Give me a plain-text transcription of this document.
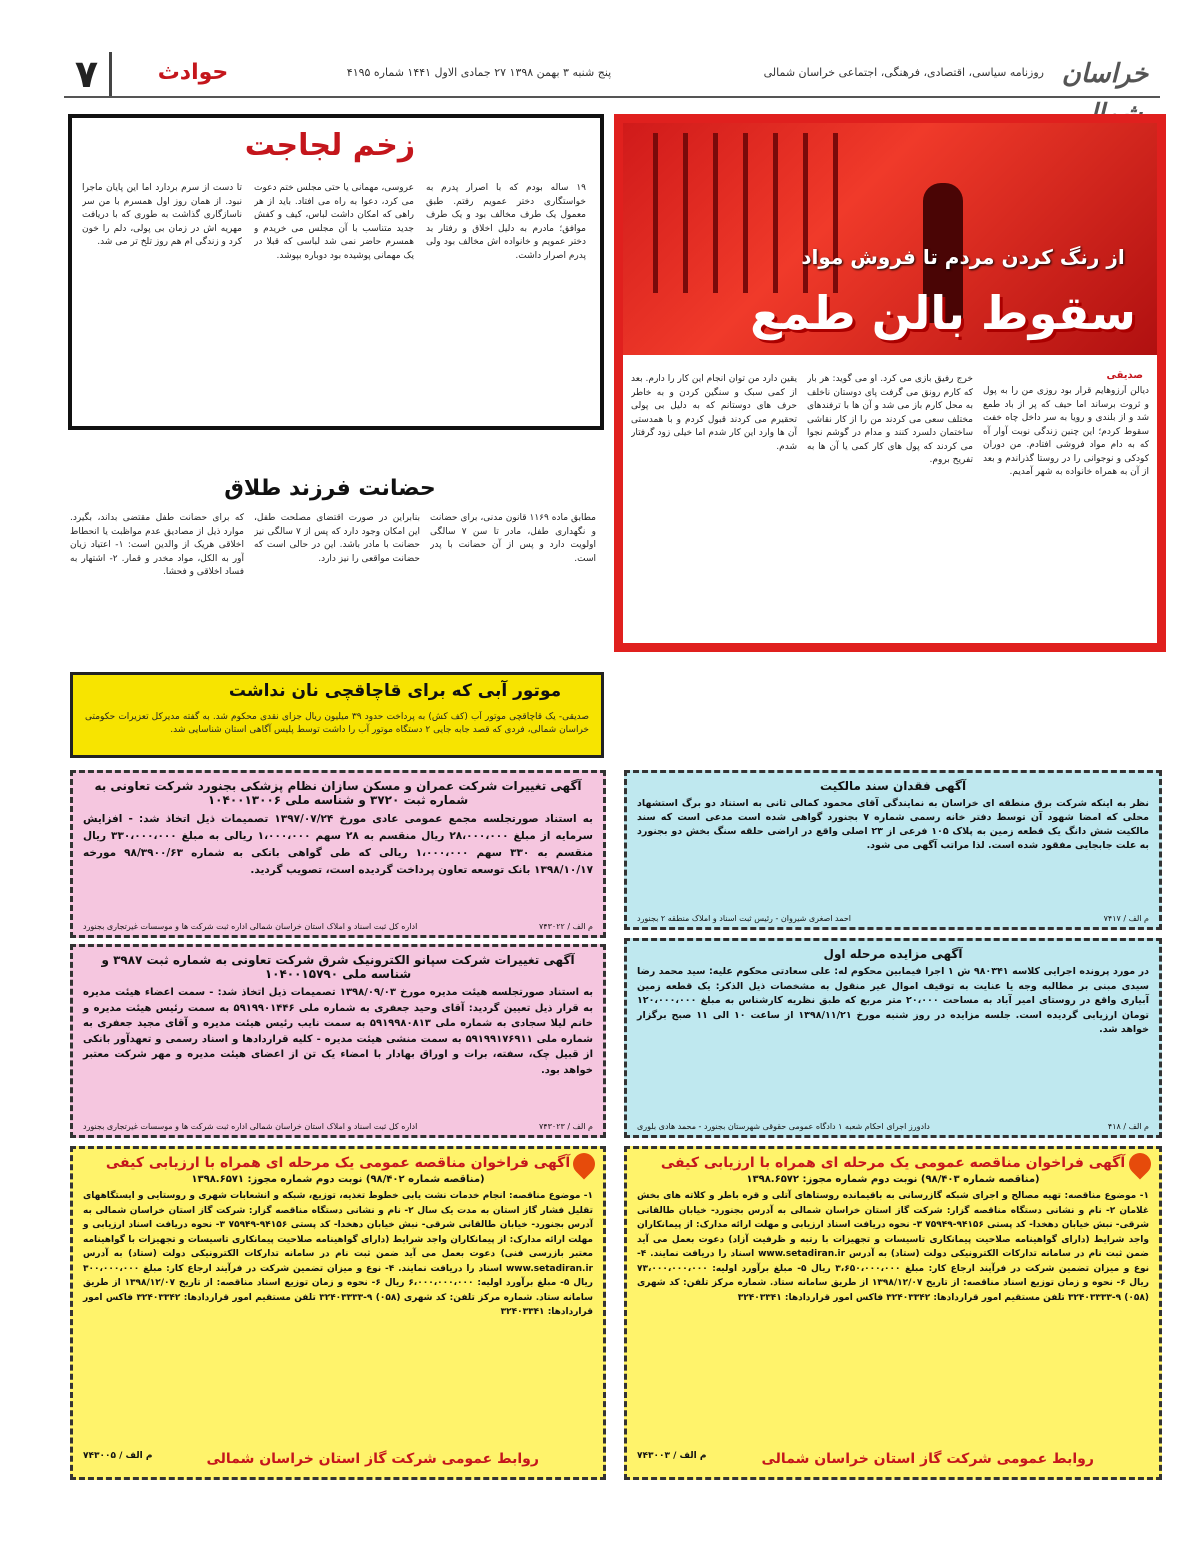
۷	حوادث	پنج شنبه ۳ بهمن ۱۳۹۸ ۲۷ جمادی الاول ۱۴۴۱ شماره ۴۱۹۵	روزنامه سیاسی، اقتصادی، فرهنگی، اجتماعی خراسان شمالی خراسان
از رنگ کردن مردم تا فروش مواد
سقوط بالن طمع
صدیقی
دیالن آرزوهایم قرار بود روزی من را به پول و ثروت برساند اما حیف که پر از باد طمع شد و از بلندی و رویا به سر داخل چاه خفت سقوط کردم؛ این چنین زندگی نوبت آوار آه که به دام مواد فروشی افتادم. من دوران کودکی و نوجوانی را در روستا گذراندم و بعد از آن به همراه خانواده به شهر آمدیم.
خرج رفیق بازی می کرد. او می گوید: هر بار که کارم رونق می گرفت پای دوستان ناخلف به محل کارم باز می شد و آن ها با ترفندهای مختلف سعی می کردند من را از کار نقاشی ساختمان دلسرد کنند و مدام در گوشم نجوا می کردند که پول های کار کمی یا آن ها به تفریح بروم.
یقین دارد من توان انجام این کار را دارم. بعد از کمی سبک و سنگین کردن و به خاطر حرف های دوستانم که به دلیل بی پولی تحقیرم می کردند قبول کردم و با همدستی آن ها وارد این کار شدم اما خیلی زود گرفتار شدم.
زخم لجاجت
۱۹ ساله بودم که با اصرار پدرم به خواستگاری دختر عمویم رفتم. طبق معمول یک طرف مخالف بود و یک طرف موافق؛ مادرم به دلیل اخلاق و رفتار بد دختر عمویم و خانواده اش مخالف بود ولی پدرم اصرار داشت.
عروسی، مهمانی یا حتی مجلس ختم دعوت می کرد، دعوا به راه می افتاد. باید از هر راهی که امکان داشت لباس، کیف و کفش جدید متناسب با آن مجلس می خریدم و همسرم حاضر نمی شد لباسی که قبلا در یک مهمانی پوشیده بود دوباره بپوشد.
تا دست از سرم بردارد اما این پایان ماجرا نبود. از همان روز اول همسرم با من سر ناسازگاری گذاشت به طوری که با دریافت مهریه اش در زمان بی پولی، دلم را خون کرد و زندگی ام هم روز تلخ تر می شد.
حضانت فرزند طلاق
مطابق ماده ۱۱۶۹ قانون مدنی، برای حضانت و نگهداری طفل، مادر تا سن ۷ سالگی اولویت دارد و پس از آن حضانت با پدر است.
بنابراین در صورت اقتضای مصلحت طفل، این امکان وجود دارد که پس از ۷ سالگی نیز حضانت با مادر باشد. این در حالی است که حضانت مواقعی را نیز دارد.
که برای حضانت طفل مقتضی بداند، بگیرد. موارد ذیل از مصادیق عدم مواظبت یا انحطاط اخلاقی هریک از والدین است: ۱- اعتیاد زیان آور به الکل، مواد مخدر و قمار. ۲- اشتهار به فساد اخلاقی و فحشا.
موتور آبی که برای قاچاقچی نان نداشت
صدیقی- یک قاچاقچی موتور آب (کف کش) به پرداخت حدود ۳۹ میلیون ریال جزای نقدی محکوم شد. به گفته مدیرکل تعزیرات حکومتی خراسان شمالی، فردی که قصد جابه جایی ۲ دستگاه موتور آب را داشت توسط پلیس آگاهی استان شناسایی شد.
آگهی تغییرات شرکت عمران و مسکن سازان نظام پزشکی بجنورد شرکت تعاونی به شماره ثبت ۳۷۲۰ و شناسه ملی ۱۰۴۰۰۱۳۰۰۶
به استناد صورتجلسه مجمع عمومی عادی مورخ ۱۳۹۷/۰۷/۲۴ تصمیمات ذیل اتخاذ شد: - افزایش سرمایه از مبلغ ۲۸،۰۰۰،۰۰۰ ریال منقسم به ۲۸ سهم ۱،۰۰۰،۰۰۰ ریالی به مبلغ ۳۳۰،۰۰۰،۰۰۰ ریال منقسم به ۳۳۰ سهم ۱،۰۰۰،۰۰۰ ریالی که طی گواهی بانکی به شماره ۹۸/۳۹۰۰/۶۳ مورخه ۱۳۹۸/۱۰/۱۷ بانک توسعه تعاون پرداخت گردیده است، تصویب گردید.
م الف / ۷۴۳۰۲۲
اداره کل ثبت اسناد و املاک استان خراسان شمالی اداره ثبت شرکت ها و موسسات غیرتجاری بجنورد
آگهی فقدان سند مالکیت
نظر به اینکه شرکت برق منطقه ای خراسان به نمایندگی آقای محمود کمالی ثانی به استناد دو برگ استشهاد محلی که امضا شهود آن توسط دفتر خانه رسمی شماره ۷ بجنورد گواهی شده است مدعی است که سند مالکیت شش دانگ یک قطعه زمین به پلاک ۱۰۵ فرعی از ۲۳ اصلی واقع در اراضی حلقه سنگ بخش دو بجنورد به علت جابجایی مفقود شده است. لذا مراتب آگهی می شود.
م الف / ۷۴۱۷
احمد اصغری شیروان - رئیس ثبت اسناد و املاک منطقه ۲ بجنورد
آگهی تغییرات شرکت سپانو الکترونیک شرق شرکت تعاونی به شماره ثبت ۳۹۸۷ و شناسه ملی ۱۰۴۰۰۱۵۷۹۰
به استناد صورتجلسه هیئت مدیره مورخ ۱۳۹۸/۰۹/۰۳ تصمیمات ذیل اتخاذ شد: - سمت اعضاء هیئت مدیره به قرار ذیل تعیین گردید: آقای وحید جعفری به شماره ملی ۵۹۱۹۹۰۱۴۴۶ به سمت رئیس هیئت مدیره و خانم لیلا سجادی به شماره ملی ۵۹۱۹۹۸۰۸۱۳ به سمت نایب رئیس هیئت مدیره و آقای مجید جعفری به شماره ملی ۵۹۱۹۹۱۷۶۹۱۱ به سمت منشی هیئت مدیره - کلیه قراردادها و اسناد رسمی و تعهدآور بانکی از قبیل چک، سفته، برات و اوراق بهادار با امضاء یک تن از اعضای هیئت مدیره و مهر شرکت معتبر خواهد بود.
م الف / ۷۴۳۰۲۳
اداره کل ثبت اسناد و املاک استان خراسان شمالی اداره ثبت شرکت ها و موسسات غیرتجاری بجنورد
آگهی مزایده مرحله اول
در مورد پرونده اجرایی کلاسه ۹۸۰۳۴۱ ش ۱ اجرا فیمابین محکوم له: علی سعادتی محکوم علیه: سید محمد رضا سیدی مبنی بر مطالبه وجه یا عنایت به توقیف اموال غیر منقول به مشخصات ذیل الذکر: یک قطعه زمین آبیاری واقع در روستای امیر آباد به مساحت ۲۰،۰۰۰ متر مربع که طبق نظریه کارشناس به مبلغ ۱۲۰،۰۰۰،۰۰۰ تومان ارزیابی گردیده است. جلسه مزایده در روز شنبه مورخ ۱۳۹۸/۱۱/۲۱ از ساعت ۱۰ الی ۱۱ صبح برگزار خواهد شد.
م الف / ۴۱۸
دادورز اجرای احکام شعبه ۱ دادگاه عمومی حقوقی شهرستان بجنورد - محمد هادی بلوری
آگهی فراخوان مناقصه عمومی یک مرحله ای همراه با ارزیابی کیفی
(مناقصه شماره ۹۸/۴۰۳) نوبت دوم شماره مجوز: ۱۳۹۸.۶۵۷۲
۱- موضوع مناقصه: تهیه مصالح و اجرای شبکه گازرسانی به باقیمانده روستاهای آتلی و قره باطر و کلاته های بخش غلامان ۲- نام و نشانی دستگاه مناقصه گزار: شرکت گاز استان خراسان شمالی به آدرس بجنورد- خیابان طالقانی شرقی- نبش خیابان دهخدا- کد پستی ۹۴۱۵۶-۷۵۹۴۹ ۳- نحوه دریافت اسناد ارزیابی و مهلت ارائه مدارک: از پیمانکاران واجد شرایط (دارای گواهینامه صلاحیت پیمانکاری تاسیسات و تجهیزات با رتبه و ظرفیت آزاد) دعوت بعمل می آید ضمن ثبت نام در سامانه تدارکات الکترونیکی دولت (ستاد) به آدرس www.setadiran.ir اسناد را دریافت نمایند. ۴- نوع و میزان تضمین شرکت در فرآیند ارجاع کار: مبلغ ۳،۶۵۰،۰۰۰،۰۰۰ ریال ۵- مبلغ برآورد اولیه: ۷۳،۰۰۰،۰۰۰،۰۰۰ ریال ۶- نحوه و زمان توزیع اسناد مناقصه: از تاریخ ۱۳۹۸/۱۲/۰۷ از طریق سامانه ستاد. شماره مرکز تلفن: کد شهری (۰۵۸) ۹-۳۲۴۰۳۳۳۳ تلفن مستقیم امور قراردادها: ۳۲۴۰۳۳۴۲ فاکس امور قراردادها: ۳۲۴۰۳۳۴۱
م الف / ۷۴۳۰۰۳	روابط عمومی شرکت گاز استان خراسان شمالی
آگهی فراخوان مناقصه عمومی یک مرحله ای همراه با ارزیابی کیفی
(مناقصه شماره ۹۸/۴۰۲) نوبت دوم شماره مجوز: ۱۳۹۸.۶۵۷۱
۱- موضوع مناقصه: انجام خدمات نشت یابی خطوط تغذیه، توزیع، شبکه و انشعابات شهری و روستایی و ایستگاههای تقلیل فشار گاز استان به مدت یک سال ۲- نام و نشانی دستگاه مناقصه گزار: شرکت گاز استان خراسان شمالی به آدرس بجنورد- خیابان طالقانی شرقی- نبش خیابان دهخدا- کد پستی ۹۴۱۵۶-۷۵۹۴۹ ۳- نحوه دریافت اسناد ارزیابی و مهلت ارائه مدارک: از پیمانکاران واجد شرایط (دارای گواهینامه صلاحیت پیمانکاری تاسیسات و تجهیزات با گواهینامه معتبر بازرسی فنی) دعوت بعمل می آید ضمن ثبت نام در سامانه تدارکات الکترونیکی دولت (ستاد) به آدرس www.setadiran.ir اسناد را دریافت نمایند. ۴- نوع و میزان تضمین شرکت در فرآیند ارجاع کار: مبلغ ۳۰۰،۰۰۰،۰۰۰ ریال ۵- مبلغ برآورد اولیه: ۶،۰۰۰،۰۰۰،۰۰۰ ریال ۶- نحوه و زمان توزیع اسناد مناقصه: از تاریخ ۱۳۹۸/۱۲/۰۷ از طریق سامانه ستاد. شماره مرکز تلفن: کد شهری (۰۵۸) ۹-۳۲۴۰۳۳۳۳ تلفن مستقیم امور قراردادها: ۳۲۴۰۳۳۴۲ فاکس امور قراردادها: ۳۲۴۰۳۳۴۱
م الف / ۷۴۳۰۰۵	روابط عمومی شرکت گاز استان خراسان شمالی
